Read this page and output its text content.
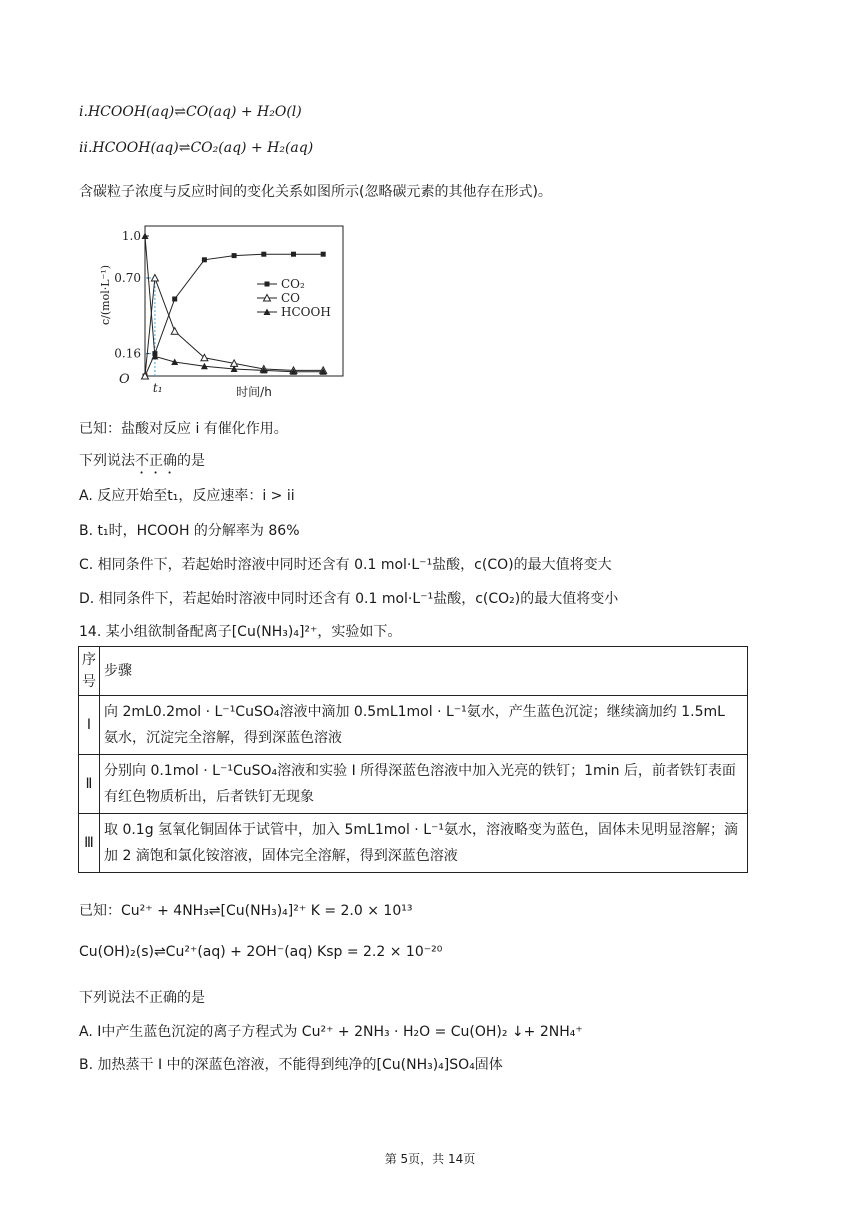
i.HCOOH(aq)⇌CO(aq) + H₂O(l)
ii.HCOOH(aq)⇌CO₂(aq) + H₂(aq)
含碳粒子浓度与反应时间的变化关系如图所示(忽略碳元素的其他存在形式)。
0.16
0.70
1.0
O
t₁	时间/h
c/(mol·L⁻¹)	CO₂
CO
HCOOH
已知：盐酸对反应 i 有催化作用。
下列说法不正确的是
A. 反应开始至t₁，反应速率：i > ii
B. t₁时，HCOOH 的分解率为 86%
C. 相同条件下，若起始时溶液中同时还含有 0.1 mol·L⁻¹盐酸，c(CO)的最大值将变大
D. 相同条件下，若起始时溶液中同时还含有 0.1 mol·L⁻¹盐酸，c(CO₂)的最大值将变小
14. 某小组欲制备配离子[Cu(NH₃)₄]²⁺，实验如下。
序号	步骤
Ⅰ	向 2mL0.2mol · L⁻¹CuSO₄溶液中滴加 0.5mL1mol · L⁻¹氨水，产生蓝色沉淀；继续滴加约 1.5mL 氨水，沉淀完全溶解，得到深蓝色溶液
Ⅱ	分别向 0.1mol · L⁻¹CuSO₄溶液和实验 Ⅰ 所得深蓝色溶液中加入光亮的铁钉；1min 后，前者铁钉表面有红色物质析出，后者铁钉无现象
Ⅲ	取 0.1g 氢氧化铜固体于试管中，加入 5mL1mol · L⁻¹氨水，溶液略变为蓝色，固体未见明显溶解；滴加 2 滴饱和氯化铵溶液，固体完全溶解，得到深蓝色溶液
已知：Cu²⁺ + 4NH₃⇌[Cu(NH₃)₄]²⁺ K = 2.0 × 10¹³
Cu(OH)₂(s)⇌Cu²⁺(aq) + 2OH⁻(aq) Ksp = 2.2 × 10⁻²⁰
下列说法不正确的是
A. Ⅰ中产生蓝色沉淀的离子方程式为 Cu²⁺ + 2NH₃ · H₂O = Cu(OH)₂ ↓+ 2NH₄⁺
B. 加热蒸干 Ⅰ 中的深蓝色溶液，不能得到纯净的[Cu(NH₃)₄]SO₄固体
第 5页，共 14页
